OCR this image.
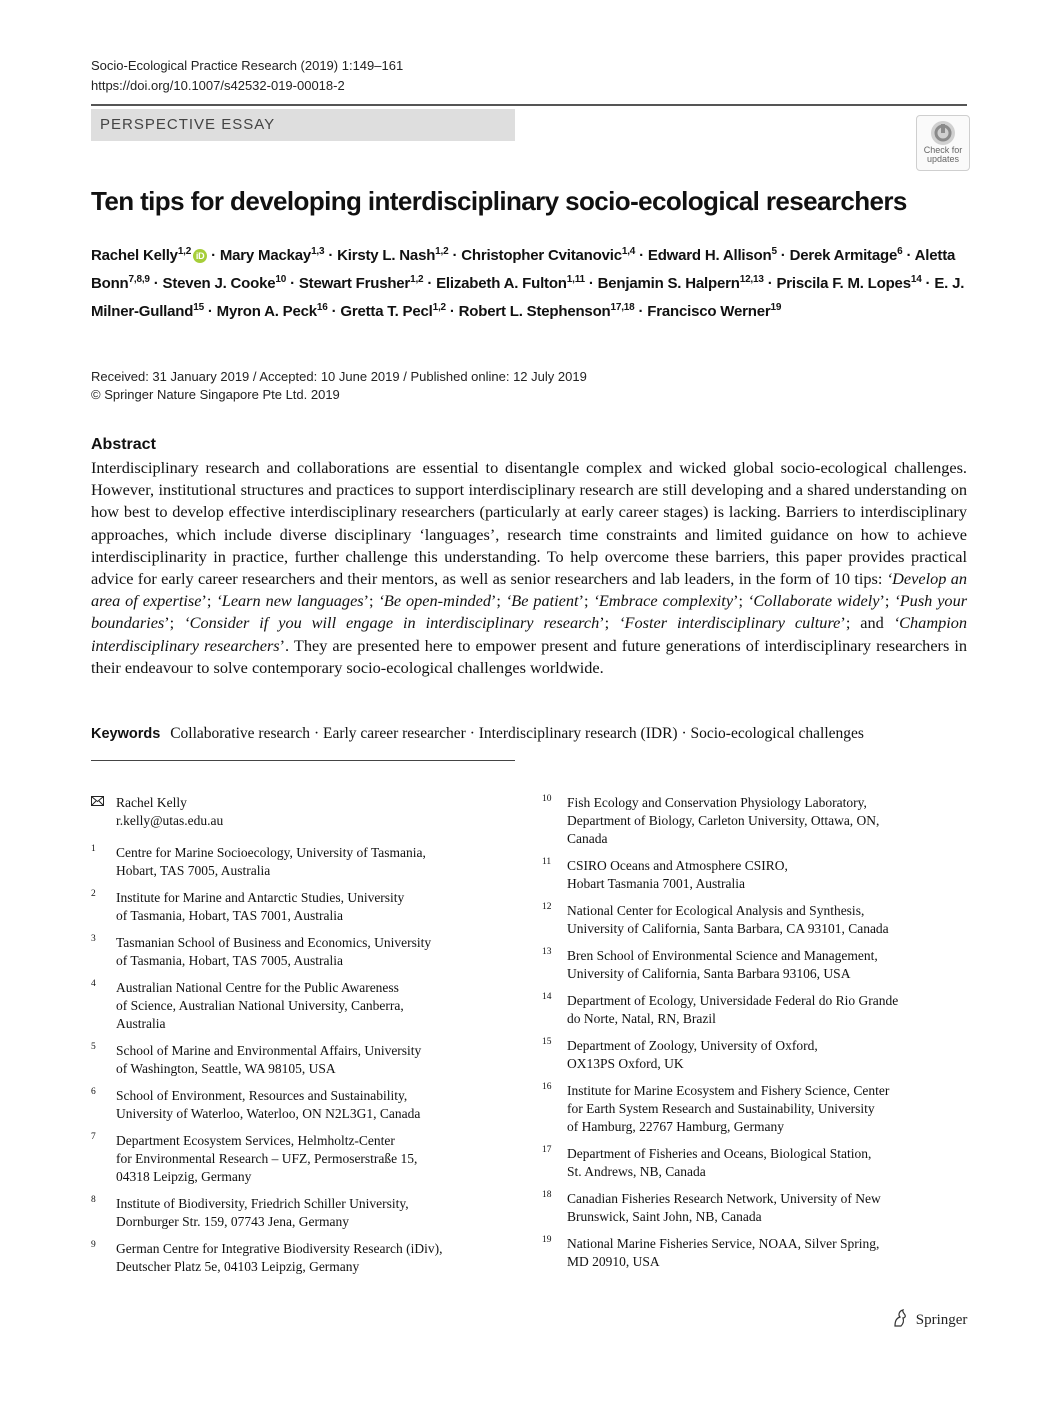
Socio-Ecological Practice Research (2019) 1:149–161
https://doi.org/10.1007/s42532-019-00018-2
PERSPECTIVE ESSAY
Check for
updates
Ten tips for developing interdisciplinary socio-ecological researchers
Rachel Kelly$^{1,2}$ iD · Mary Mackay$^{1,3}$ · Kirsty L. Nash$^{1,2}$ · Christopher Cvitanovic$^{1,4}$ · Edward H. Allison$^5$ · Derek Armitage$^6$ · Aletta Bonn$^{7,8,9}$ · Steven J. Cooke$^{10}$ · Stewart Frusher$^{1,2}$ · Elizabeth A. Fulton$^{1,11}$ · Benjamin S. Halpern$^{12,13}$ · Priscila F. M. Lopes$^{14}$ · E. J. Milner-Gulland$^{15}$ · Myron A. Peck$^{16}$ · Gretta T. Pecl$^{1,2}$ · Robert L. Stephenson$^{17,18}$ · Francisco Werner$^{19}$
Received: 31 January 2019 / Accepted: 10 June 2019 / Published online: 12 July 2019
© Springer Nature Singapore Pte Ltd. 2019
Abstract

Interdisciplinary research and collaborations are essential to disentangle complex and wicked global socio-ecological challenges. However, institutional structures and practices to support interdisciplinary research are still developing and a shared understanding on how best to develop effective interdisciplinary researchers (particularly at early career stages) is lacking. Barriers to interdisciplinary approaches, which include diverse disciplinary ‘languages’, research time constraints and limited guidance on how to achieve interdisciplinarity in practice, further challenge this understanding. To help overcome these barriers, this paper provides practical advice for early career researchers and their mentors, as well as senior researchers and lab leaders, in the form of 10 tips: ‘Develop an area of expertise’; ‘Learn new languages’; ‘Be open-minded’; ‘Be patient’; ‘Embrace complexity’; ‘Collaborate widely’; ‘Push your boundaries’; ‘Consider if you will engage in interdisciplinary research’; ‘Foster interdisciplinary culture’; and ‘Champion interdisciplinary researchers’. They are presented here to empower present and future generations of interdisciplinary researchers in their endeavour to solve contemporary socio-ecological challenges worldwide.

Keywords Collaborative research · Early career researcher · Interdisciplinary research (IDR) · Socio-ecological challenges
Rachel Kelly
r.kelly@utas.edu.au
1 Centre for Marine Socioecology, University of Tasmania,
Hobart, TAS 7005, Australia
2 Institute for Marine and Antarctic Studies, University
of Tasmania, Hobart, TAS 7001, Australia
3 Tasmanian School of Business and Economics, University
of Tasmania, Hobart, TAS 7005, Australia
4 Australian National Centre for the Public Awareness
of Science, Australian National University, Canberra,
Australia
5 School of Marine and Environmental Affairs, University
of Washington, Seattle, WA 98105, USA
6 School of Environment, Resources and Sustainability,
University of Waterloo, Waterloo, ON N2L3G1, Canada
7 Department Ecosystem Services, Helmholtz-Center
for Environmental Research – UFZ, Permoserstraße 15,
04318 Leipzig, Germany
8 Institute of Biodiversity, Friedrich Schiller University,
Dornburger Str. 159, 07743 Jena, Germany
9 German Centre for Integrative Biodiversity Research (iDiv),
Deutscher Platz 5e, 04103 Leipzig, Germany
10 Fish Ecology and Conservation Physiology Laboratory,
Department of Biology, Carleton University, Ottawa, ON,
Canada
11 CSIRO Oceans and Atmosphere CSIRO,
Hobart Tasmania 7001, Australia
12 National Center for Ecological Analysis and Synthesis,
University of California, Santa Barbara, CA 93101, Canada
13 Bren School of Environmental Science and Management,
University of California, Santa Barbara 93106, USA
14 Department of Ecology, Universidade Federal do Rio Grande
do Norte, Natal, RN, Brazil
15 Department of Zoology, University of Oxford,
OX13PS Oxford, UK
16 Institute for Marine Ecosystem and Fishery Science, Center
for Earth System Research and Sustainability, University
of Hamburg, 22767 Hamburg, Germany
17 Department of Fisheries and Oceans, Biological Station,
St. Andrews, NB, Canada
18 Canadian Fisheries Research Network, University of New
Brunswick, Saint John, NB, Canada
19 National Marine Fisheries Service, NOAA, Silver Spring,
MD 20910, USA
Springer
